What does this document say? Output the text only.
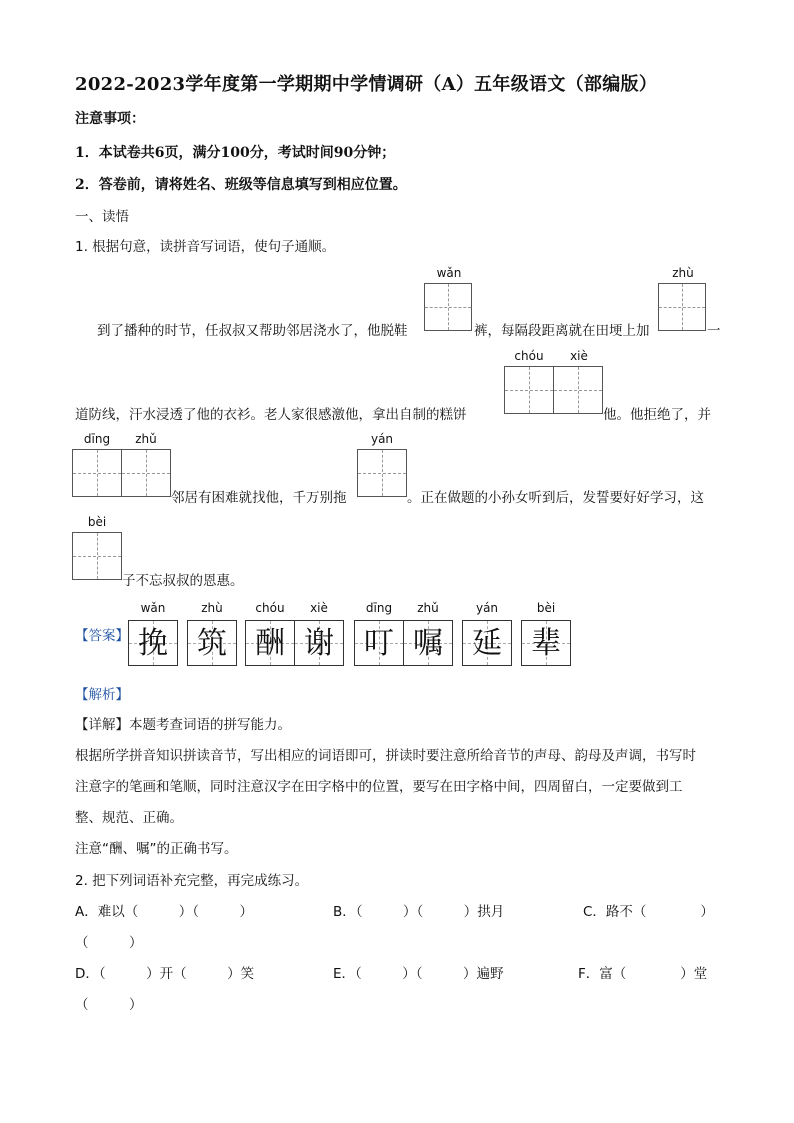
2022-2023学年度第一学期期中学情调研（A）五年级语文（部编版）
注意事项：
1．本试卷共6页，满分100分，考试时间90分钟；
2．答卷前，请将姓名、班级等信息填写到相应位置。
一、读悟
1. 根据句意，读拼音写词语，使句子通顺。
wǎn	zhù
到了播种的时节，任叔叔又帮助邻居浇水了，他脱鞋	裤，每隔段距离就在田埂上加	一
chóu	xiè
道防线，汗水浸透了他的衣衫。老人家很感激他，拿出自制的糕饼	他。他拒绝了，并
dīng	zhǔ
邻居有困难就找他，千万别拖
yán
。正在做题的小孙女听到后，发誓要好好学习，这
bèi
子不忘叔叔的恩惠。
【答案】
wǎn	zhù	chóu	xiè	dīng	zhǔ	yán	bèi
挽 筑 酬 谢	叮 嘱 延 辈
【解析】
【详解】本题考查词语的拼写能力。
根据所学拼音知识拼读音节，写出相应的词语即可，拼读时要注意所给音节的声母、韵母及声调，书写时
注意字的笔画和笔顺，同时注意汉字在田字格中的位置，要写在田字格中间，四周留白，一定要做到工
整、规范、正确。
注意“酬、嘱”的正确书写。
2. 把下列词语补充完整，再完成练习。
A．难以（　　　）（　　　）	B．（　　　）（　　　）拱月	C．路不（　　　　）
（　　　）
D．（　　　）开（　　　）笑	E．（　　　）（　　　）遍野	F．富（　　　　）堂
（　　　）
